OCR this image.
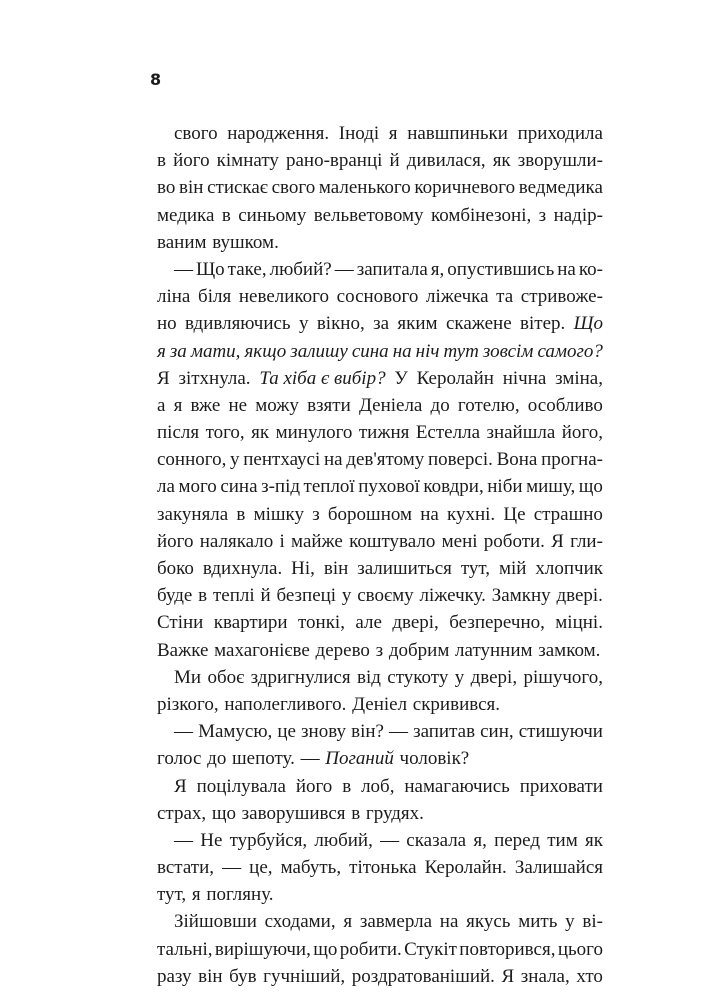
8
свого народження. Іноді я навшпиньки приходила
в його кімнату рано-вранці й дивилася, як зворушли-
во він стискає свого маленького коричневого ведмедика
медика в синьому вельветовому комбінезоні, з надір-
ваним вушком.
— Що таке, любий? — запитала я, опустившись на ко-
ліна біля невеликого соснового ліжечка та стривоже-
но вдивляючись у вікно, за яким скажене вітер. Що
я за мати, якщо залишу сина на ніч тут зовсім самого?
Я зітхнула. Та хіба є вибір? У Керолайн нічна зміна,
а я вже не можу взяти Деніела до готелю, особливо
після того, як минулого тижня Естелла знайшла його,
сонного, у пентхаусі на дев'ятому поверсі. Вона прогна-
ла мого сина з-під теплої пухової ковдри, ніби мишу, що
закуняла в мішку з борошном на кухні. Це страшно
його налякало і майже коштувало мені роботи. Я гли-
боко вдихнула. Ні, він залишиться тут, мій хлопчик
буде в теплі й безпеці у своєму ліжечку. Замкну двері.
Стіни квартири тонкі, але двері, безперечно, міцні.
Важке махагонієве дерево з добрим латунним замком.
Ми обоє здригнулися від стукоту у двері, рішучого,
різкого, наполегливого. Деніел скривився.
— Мамусю, це знову він? — запитав син, стишуючи
голос до шепоту. — Поганий чоловік?
Я поцілувала його в лоб, намагаючись приховати
страх, що заворушився в грудях.
— Не турбуйся, любий, — сказала я, перед тим як
встати, — це, мабуть, тітонька Керолайн. Залишайся
тут, я погляну.
Зійшовши сходами, я завмерла на якусь мить у ві-
тальні, вирішуючи, що робити. Стукіт повторився, цього
разу він був гучніший, роздратованіший. Я знала, хто
